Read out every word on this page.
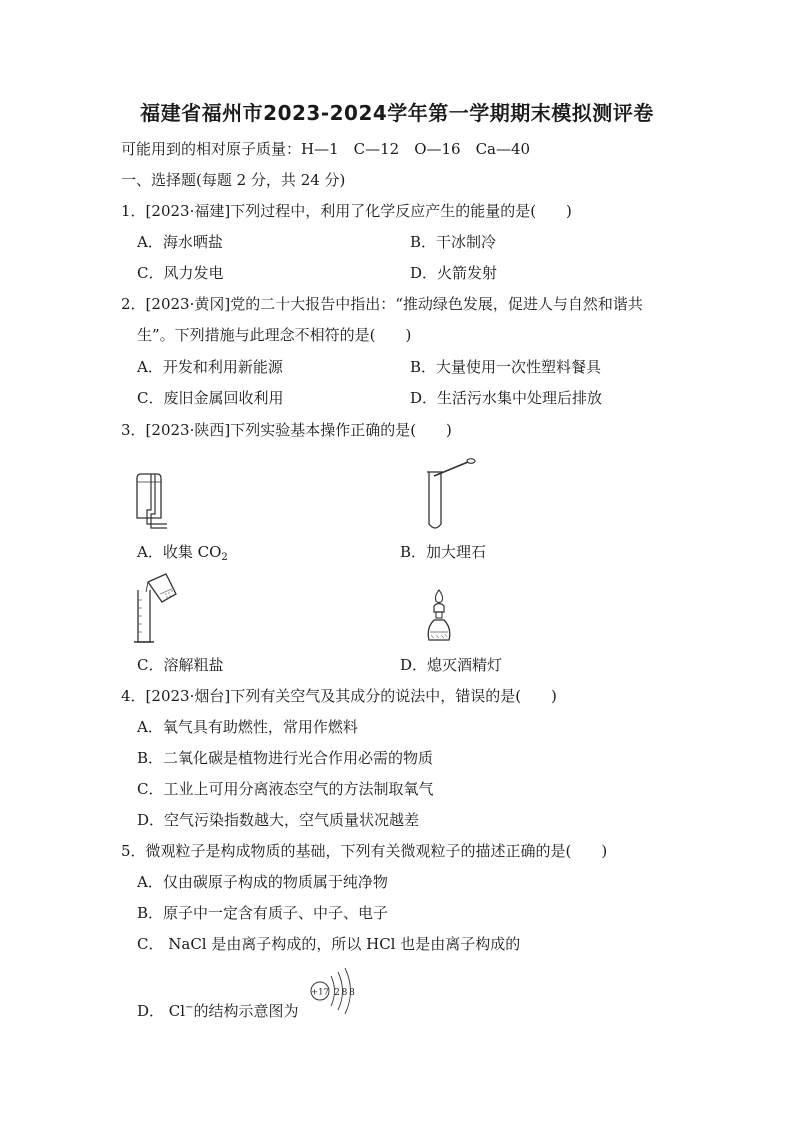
福建省福州市2023-2024学年第一学期期末模拟测评卷
可能用到的相对原子质量：H—1　C—12　O—16　Ca—40
一、选择题(每题 2 分，共 24 分)
1．[2023·福建]下列过程中，利用了化学反应产生的能量的是(　　)
A．海水晒盐	B．干冰制冷
C．风力发电	D．火箭发射
2．[2023·黄冈]党的二十大报告中指出：“推动绿色发展，促进人与自然和谐共
生”。下列措施与此理念不相符的是(　　)
A．开发和利用新能源	B．大量使用一次性塑料餐具
C．废旧金属回收利用	D．生活污水集中处理后排放
3．[2023·陕西]下列实验基本操作正确的是(　　)
A．收集 $CO_2$	B．加大理石
C．溶解粗盐	D．熄灭酒精灯
4．[2023·烟台]下列有关空气及其成分的说法中，错误的是(　　)
A．氧气具有助燃性，常用作燃料
B．二氧化碳是植物进行光合作用必需的物质
C．工业上可用分离液态空气的方法制取氧气
D．空气污染指数越大，空气质量状况越差
5．微观粒子是构成物质的基础，下列有关微观粒子的描述正确的是(　　)
A．仅由碳原子构成的物质属于纯净物
B．原子中一定含有质子、中子、电子
C． NaCl 是由离子构成的，所以 HCl 也是由离子构成的
D． Cl−的结构示意图为
+17 2 8 8
